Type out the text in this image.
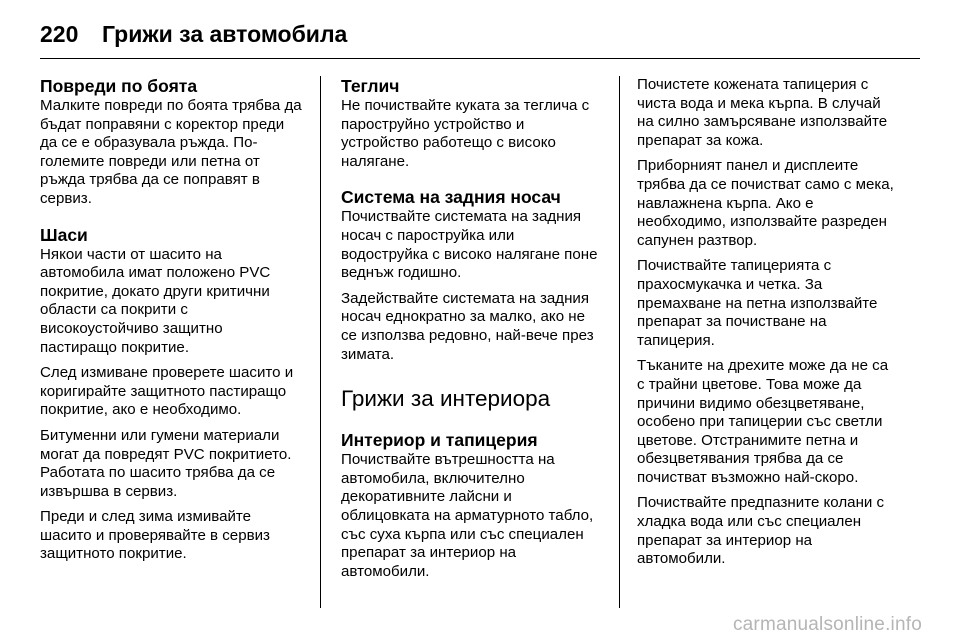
220	Грижи за автомобила
Повреди по боята

Малките повреди по боята трябва да бъдат поправяни с коректор преди да се е образувала ръжда. По-големите повреди или петна от ръжда трябва да се поправят в сервиз.

Шаси

Някои части от шасито на автомобила имат положено PVC покритие, докато други критични области са покрити с високоустойчиво защитно пастиращо покритие.

След измиване проверете шасито и коригирайте защитното пастиращо покритие, ако е необходимо.

Битуменни или гумени материали могат да повредят PVC покритието. Работата по шасито трябва да се извършва в сервиз.

Преди и след зима измивайте шасито и проверявайте в сервиз защитното покритие.

Теглич

Не почиствайте куката за теглича с пароструйно устройство и устройство работещо с високо налягане.

Система на задния носач

Почиствайте системата на задния носач с пароструйка или водоструйка с високо налягане поне веднъж годишно.

Задействайте системата на задния носач еднократно за малко, ако не се използва редовно, най-вече през зимата.

Грижи за интериора
Интериор и тапицерия

Почиствайте вътрешността на автомобила, включително декоративните лайсни и облицовката на арматурното табло, със суха кърпа или със специален препарат за интериор на автомобили.

Почистете кожената тапицерия с чиста вода и мека кърпа. В случай на силно замърсяване използвайте препарат за кожа.

Приборният панел и дисплеите трябва да се почистват само с мека, навлажнена кърпа. Ако е необходимо, използвайте разреден сапунен разтвор.

Почиствайте тапицерията с прахосмукачка и четка. За премахване на петна използвайте препарат за почистване на тапицерия.

Тъканите на дрехите може да не са с трайни цветове. Това може да причини видимо обезцветяване, особено при тапицерии със светли цветове. Отстранимите петна и обезцветявания трябва да се почистват възможно най-скоро.

Почиствайте предпазните колани с хладка вода или със специален препарат за интериор на автомобили.

carmanualsonline.info
